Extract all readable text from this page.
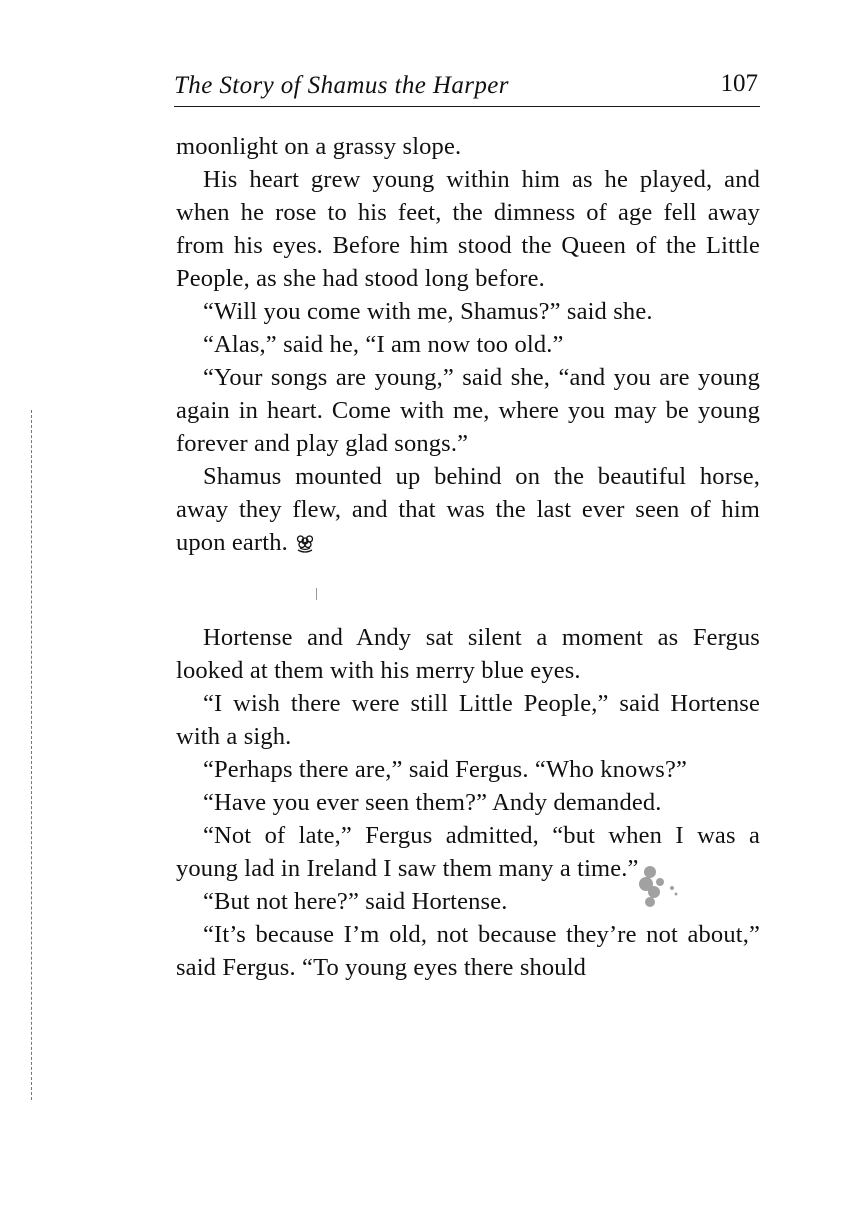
The Story of Shamus the Harper	107

moonlight on a grassy slope.

His heart grew young within him as he played, and when he rose to his feet, the dimness of age fell away from his eyes. Before him stood the Queen of the Little People, as she had stood long before.

“Will you come with me, Shamus?” said she.

“Alas,” said he, “I am now too old.”

“Your songs are young,” said she, “and you are young again in heart. Come with me, where you may be young forever and play glad songs.”

Shamus mounted up behind on the beautiful horse, away they flew, and that was the last ever seen of him upon earth.

Hortense and Andy sat silent a moment as Fergus looked at them with his merry blue eyes.

“I wish there were still Little People,” said Hortense with a sigh.

“Perhaps there are,” said Fergus. “Who knows?”

“Have you ever seen them?” Andy demanded.

“Not of late,” Fergus admitted, “but when I was a young lad in Ireland I saw them many a time.”

“But not here?” said Hortense.

“It’s because I’m old, not because they’re not about,” said Fergus. “To young eyes there should
